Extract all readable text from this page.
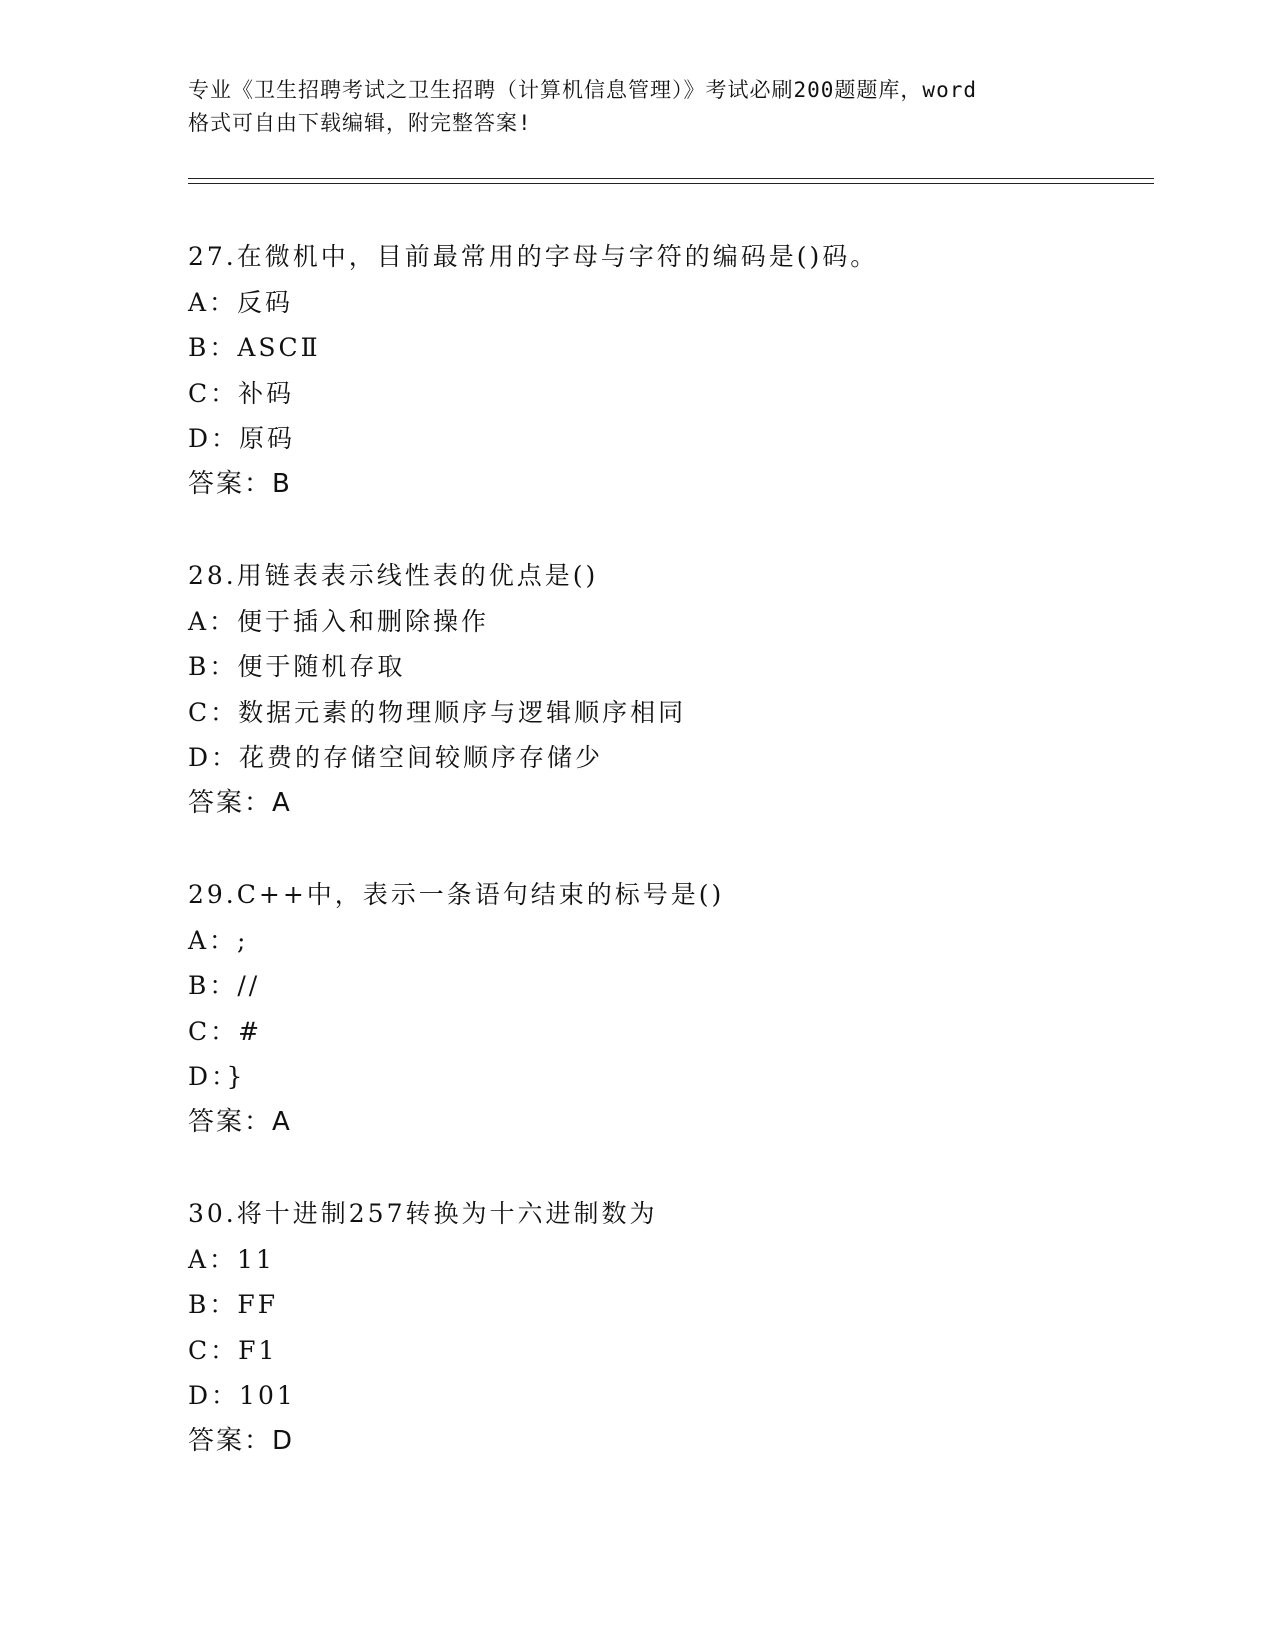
专业《卫生招聘考试之卫生招聘（计算机信息管理）》考试必刷200题题库，word
格式可自由下载编辑，附完整答案!
27.在微机中，目前最常用的字母与字符的编码是()码。
A：反码
B：ASCⅡ
C：补码
D：原码
答案：B
28.用链表表示线性表的优点是()
A：便于插入和删除操作
B：便于随机存取
C：数据元素的物理顺序与逻辑顺序相同
D：花费的存储空间较顺序存储少
答案：A
29.C++中，表示一条语句结束的标号是()
A：;
B：//
C：#
D：}
答案：A
30.将十进制257转换为十六进制数为
A：11
B：FF
C：F1
D：101
答案：D
